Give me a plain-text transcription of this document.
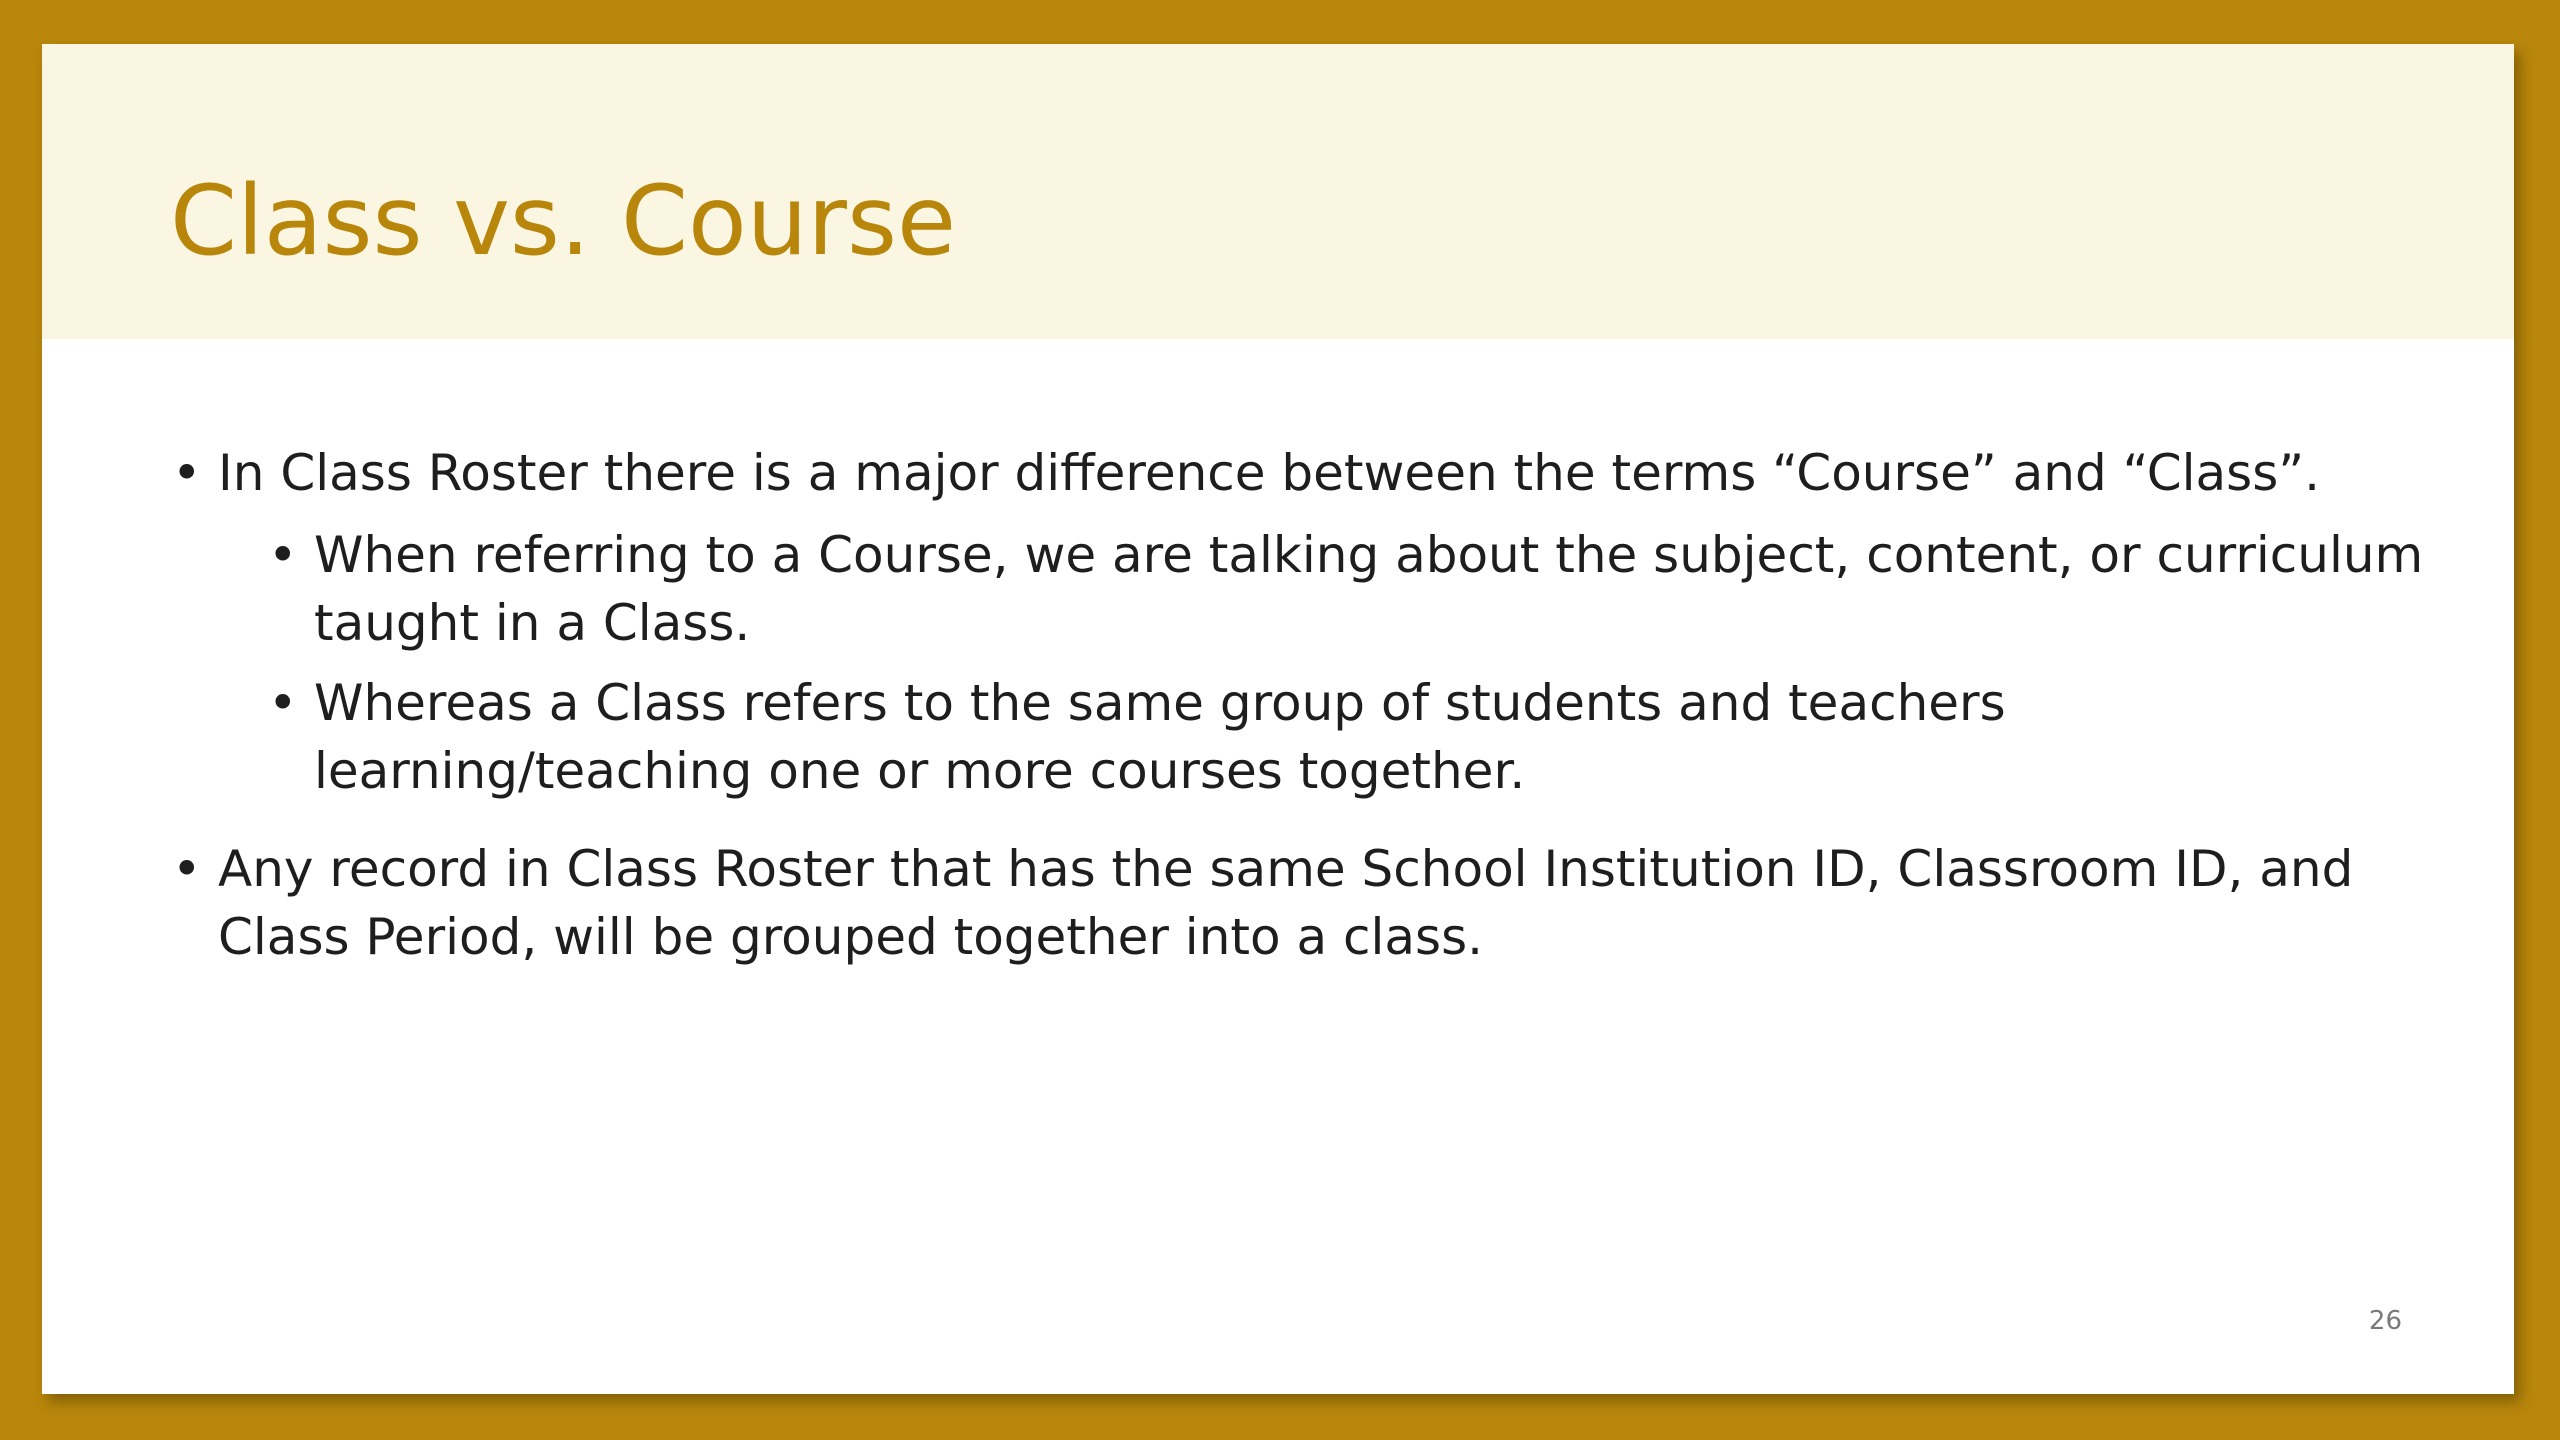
Class vs. Course
• In Class Roster there is a major difference between the terms “Course” and “Class”.
• When referring to a Course, we are talking about the subject, content, or curriculum taught in a Class.
• Whereas a Class refers to the same group of students and teachers learning/teaching one or more courses together.
• Any record in Class Roster that has the same School Institution ID, Classroom ID, and Class Period, will be grouped together into a class.
26
